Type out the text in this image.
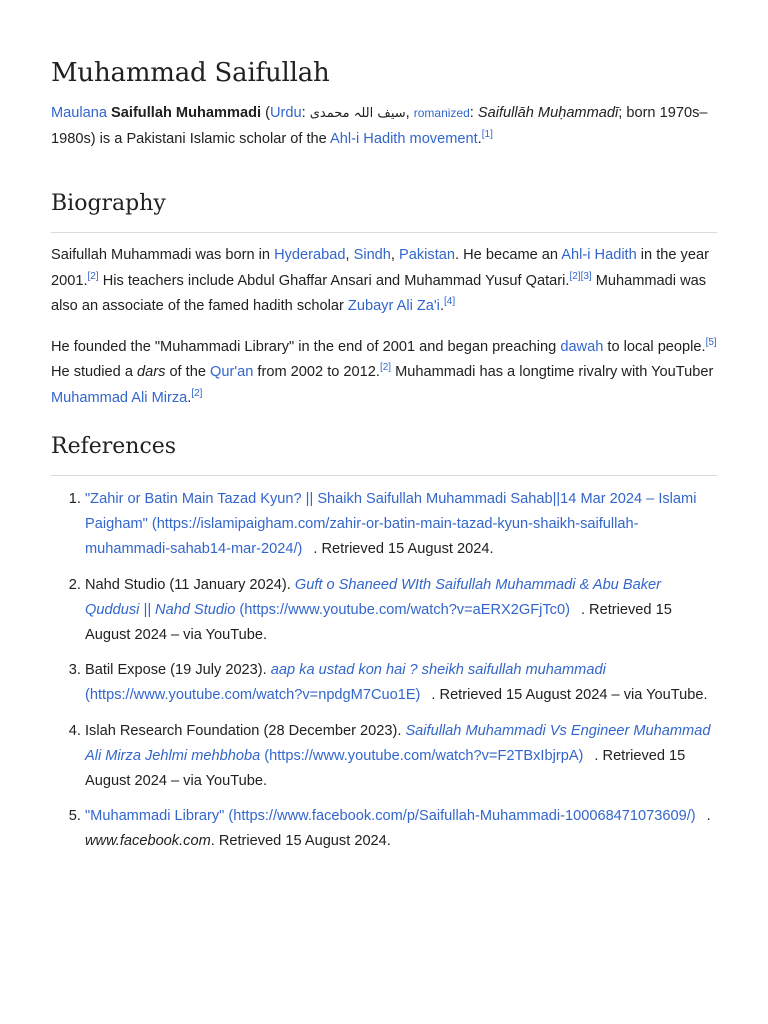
Muhammad Saifullah

Maulana Saifullah Muhammadi (Urdu: سیف اللہ محمدی, romanized: Saifullāh Muḥammadī; born 1970s–1980s) is a Pakistani Islamic scholar of the Ahl-i Hadith movement.[1]

Biography

Saifullah Muhammadi was born in Hyderabad, Sindh, Pakistan. He became an Ahl-i Hadith in the year 2001.[2] His teachers include Abdul Ghaffar Ansari and Muhammad Yusuf Qatari.[2][3] Muhammadi was also an associate of the famed hadith scholar Zubayr Ali Za'i.[4]

He founded the "Muhammadi Library" in the end of 2001 and began preaching dawah to local people.[5] He studied a dars of the Qur'an from 2002 to 2012.[2] Muhammadi has a longtime rivalry with YouTuber Muhammad Ali Mirza.[2]

References
1. "Zahir or Batin Main Tazad Kyun? || Shaikh Saifullah Muhammadi Sahab||14 Mar 2024 – Islami Paigham" (https://islamipaigham.com/zahir-or-batin-main-tazad-kyun-shaikh-saifullah-muhammadi-sahab14-mar-2024/) . Retrieved 15 August 2024.
2. Nahd Studio (11 January 2024). Guft o Shaneed WIth Saifullah Muhammadi & Abu Baker Quddusi || Nahd Studio (https://www.youtube.com/watch?v=aERX2GFjTc0) . Retrieved 15 August 2024 – via YouTube.
3. Batil Expose (19 July 2023). aap ka ustad kon hai ? sheikh saifullah muhammadi (https://www.youtube.com/watch?v=npdgM7Cuo1E) . Retrieved 15 August 2024 – via YouTube.
4. Islah Research Foundation (28 December 2023). Saifullah Muhammadi Vs Engineer Muhammad Ali Mirza Jehlmi mehbhoba (https://www.youtube.com/watch?v=F2TBxIbjrpA) . Retrieved 15 August 2024 – via YouTube.
5. "Muhammadi Library" (https://www.facebook.com/p/Saifullah-Muhammadi-100068471073609/) . www.facebook.com. Retrieved 15 August 2024.
